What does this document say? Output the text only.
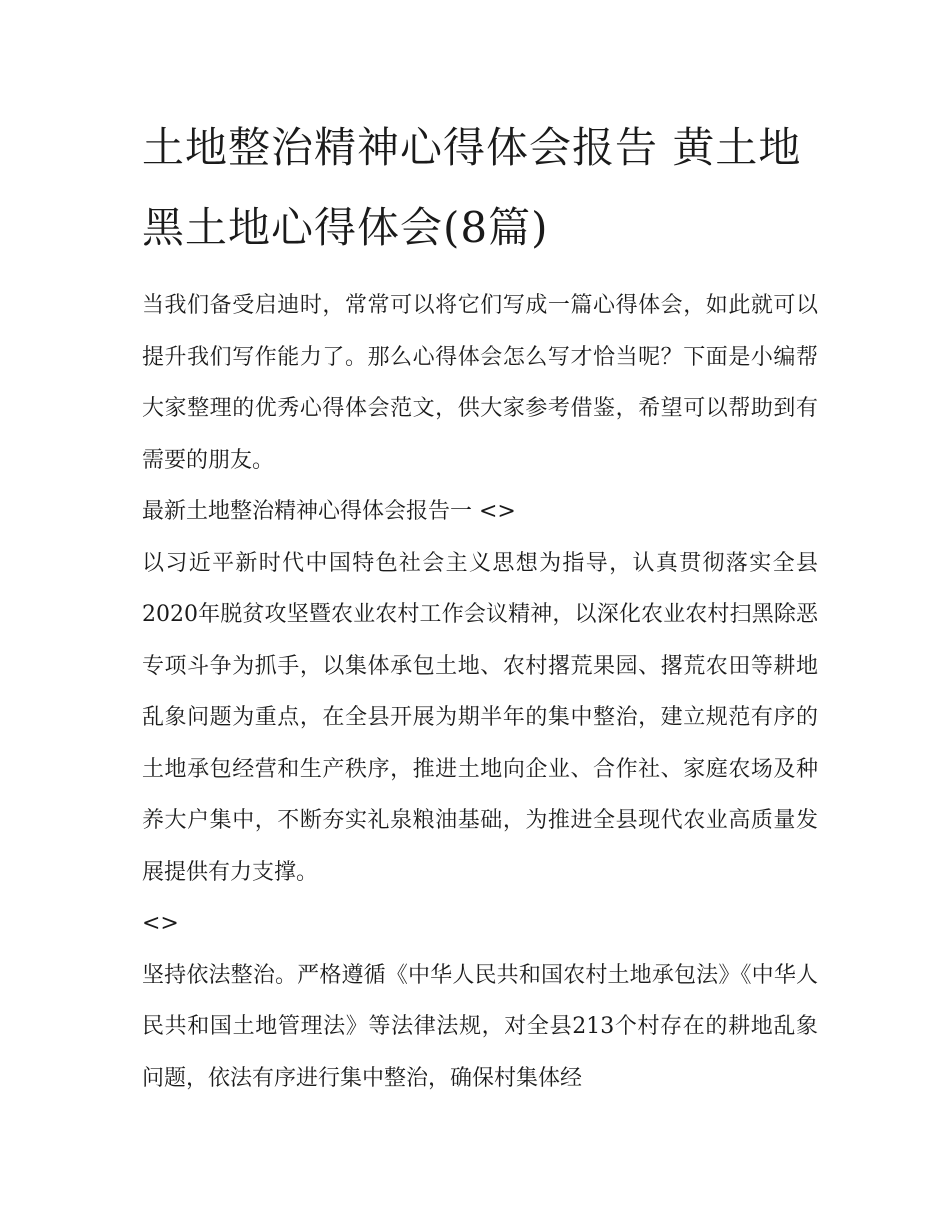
土地整治精神心得体会报告 黄土地黑土地心得体会(8篇)

当我们备受启迪时，常常可以将它们写成一篇心得体会，如此就可以提升我们写作能力了。那么心得体会怎么写才恰当呢？下面是小编帮大家整理的优秀心得体会范文，供大家参考借鉴，希望可以帮助到有需要的朋友。

最新土地整治精神心得体会报告一 <>

以习近平新时代中国特色社会主义思想为指导，认真贯彻落实全县2020年脱贫攻坚暨农业农村工作会议精神，以深化农业农村扫黑除恶专项斗争为抓手，以集体承包土地、农村撂荒果园、撂荒农田等耕地乱象问题为重点，在全县开展为期半年的集中整治，建立规范有序的土地承包经营和生产秩序，推进土地向企业、合作社、家庭农场及种养大户集中，不断夯实礼泉粮油基础，为推进全县现代农业高质量发展提供有力支撑。

<>

坚持依法整治。严格遵循《中华人民共和国农村土地承包法》《中华人民共和国土地管理法》等法律法规，对全县213个村存在的耕地乱象问题，依法有序进行集中整治，确保村集体经
